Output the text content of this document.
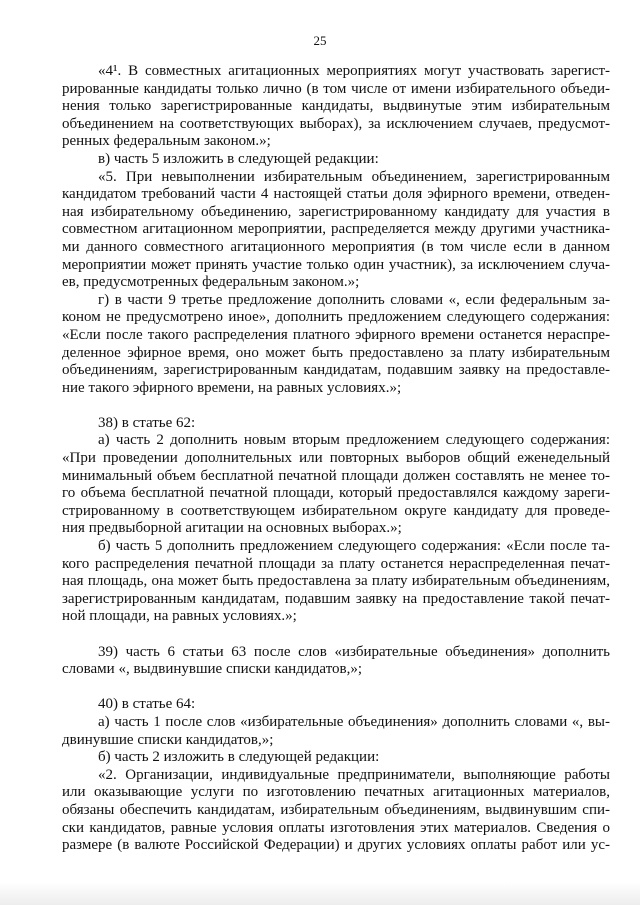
25
«4¹. В совместных агитационных мероприятиях могут участвовать зарегист-
рированные кандидаты только лично (в том числе от имени избирательного объеди-
нения только зарегистрированные кандидаты, выдвинутые этим избирательным
объединением на соответствующих выборах), за исключением случаев, предусмот-
ренных федеральным законом.»;
в) часть 5 изложить в следующей редакции:
«5. При невыполнении избирательным объединением, зарегистрированным
кандидатом требований части 4 настоящей статьи доля эфирного времени, отведен-
ная избирательному объединению, зарегистрированному кандидату для участия в
совместном агитационном мероприятии, распределяется между другими участника-
ми данного совместного агитационного мероприятия (в том числе если в данном
мероприятии может принять участие только один участник), за исключением случа-
ев, предусмотренных федеральным законом.»;
г) в части 9 третье предложение дополнить словами «, если федеральным за-
коном не предусмотрено иное», дополнить предложением следующего содержания:
«Если после такого распределения платного эфирного времени останется нераспре-
деленное эфирное время, оно может быть предоставлено за плату избирательным
объединениям, зарегистрированным кандидатам, подавшим заявку на предоставле-
ние такого эфирного времени, на равных условиях.»;
38) в статье 62:
а) часть 2 дополнить новым вторым предложением следующего содержания:
«При проведении дополнительных или повторных выборов общий еженедельный
минимальный объем бесплатной печатной площади должен составлять не менее то-
го объема бесплатной печатной площади, который предоставлялся каждому зареги-
стрированному в соответствующем избирательном округе кандидату для проведе-
ния предвыборной агитации на основных выборах.»;
б) часть 5 дополнить предложением следующего содержания: «Если после та-
кого распределения печатной площади за плату останется нераспределенная печат-
ная площадь, она может быть предоставлена за плату избирательным объединениям,
зарегистрированным кандидатам, подавшим заявку на предоставление такой печат-
ной площади, на равных условиях.»;
39) часть 6 статьи 63 после слов «избирательные объединения» дополнить
словами «, выдвинувшие списки кандидатов,»;
40) в статье 64:
а) часть 1 после слов «избирательные объединения» дополнить словами «, вы-
двинувшие списки кандидатов,»;
б) часть 2 изложить в следующей редакции:
«2. Организации, индивидуальные предприниматели, выполняющие работы
или оказывающие услуги по изготовлению печатных агитационных материалов,
обязаны обеспечить кандидатам, избирательным объединениям, выдвинувшим спи-
ски кандидатов, равные условия оплаты изготовления этих материалов. Сведения о
размере (в валюте Российской Федерации) и других условиях оплаты работ или ус-
